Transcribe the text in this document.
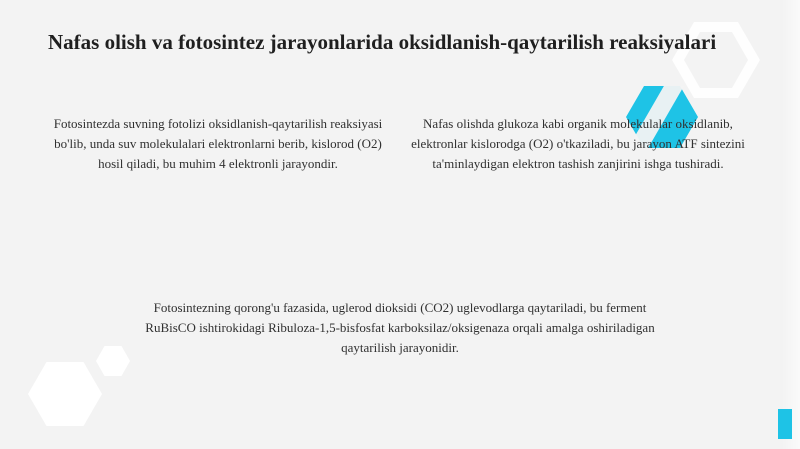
Nafas olish va fotosintez jarayonlarida oksidlanish-qaytarilish reaksiyalari

Fotosintezda suvning fotolizi oksidlanish-qaytarilish reaksiyasi bo'lib, unda suv molekulalari elektronlarni berib, kislorod (O2) hosil qiladi, bu muhim 4 elektronli jarayondir.

Nafas olishda glukoza kabi organik molekulalar oksidlanib, elektronlar kislorodga (O2) o'tkaziladi, bu jarayon ATF sintezini ta'minlaydigan elektron tashish zanjirini ishga tushiradi.

Fotosintezning qorong'u fazasida, uglerod dioksidi (CO2) uglevodlarga qaytariladi, bu ferment RuBisCO ishtirokidagi Ribuloza-1,5-bisfosfat karboksilaz/oksigenaza orqali amalga oshiriladigan qaytarilish jarayonidir.
